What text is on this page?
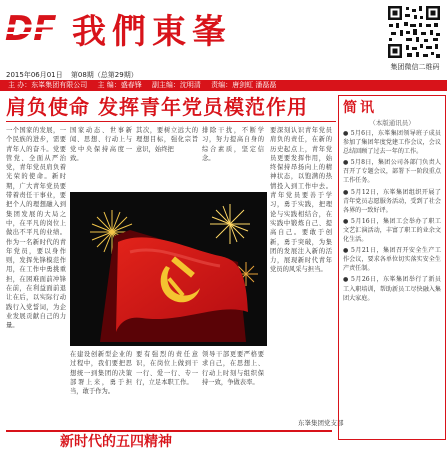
DF 我們東峯
集团微信二维码
2015年06月01日 第08期（总第29期）
主 办：东峯集团有限公司 主 编：盛春锋 副主编：沈明清 责编：唐剑虹 潘磊磊
肩负使命 发挥青年党员模范作用

一个国家的发展，一个民族的进步，需要青年人的奋斗。党要管党、全面从严治党，青年党员肩负着光荣的使命。新时期，广大青年党员要带着责任干事业，要把个人的理想融入到集团发展的大局之中，在平凡的岗位上做出不平凡的业绩。作为一名新时代的青年党员，要以身作则，发挥先锋模范作用，在工作中勇挑重担，在困难面前冲锋在前，在利益面前退让在后，以实际行动践行入党誓词，为企业发展贡献自己的力量。

国家动态、世事新闻、思想、行动上与党中央保持高度一致。

其次，要树立远大的理想目标，强化宗旨意识，始终把

排除干扰，不断学习，努力提高自身的综合素质，坚定信念。

在建设创新型企业的过程中，我们要把思想统一到集团的决策部署上来，勇于担当，敢于作为。

要有强烈的责任意识，在岗位上做到干一行、爱一行、专一行，立足本职工作。

领导干部更要严格要求自己，在思想上、行动上时刻与组织保持一致，争做表率。

要深刻认识青年党员肩负的责任，在新的历史起点上，青年党员更要发挥作用，始终保持昂扬向上的精神状态，以饱满的热情投入到工作中去。青年党员要善于学习，勇于实践，把理论与实践相结合，在实践中锻炼自己、提高自己。要敢于创新，勇于突破，为集团的发展注入新的活力，展现新时代青年党员的风采与担当。

东峯集团党支部
简讯
（本版通讯员）

● 5月6日，东峯集团领导班子成员参加了集团年度党建工作会议，会议总结回顾了过去一年的工作。

● 5月8日，集团公司各部门负责人召开了专题会议，部署下一阶段重点工作任务。

● 5月12日，东峯集团组织开展了青年党员志愿服务活动，受到了社会各界的一致好评。

● 5月16日，集团工会举办了职工文艺汇演活动，丰富了职工的业余文化生活。

● 5月21日，集团召开安全生产工作会议，要求各单位切实落实安全生产责任制。

● 5月26日，东峯集团举行了新员工入职培训，帮助新员工尽快融入集团大家庭。

新时代的五四精神
